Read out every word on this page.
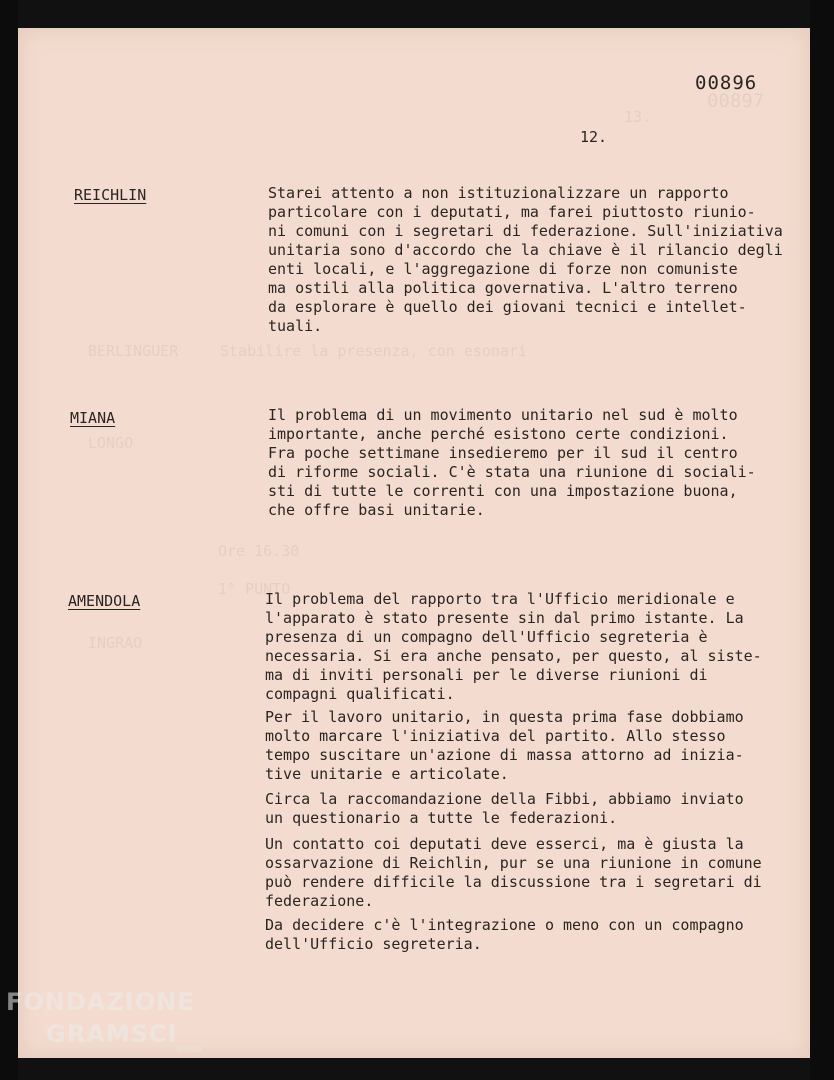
00897
13.
BERLINGUER	Stabilire la presenza, con esonari
LONGO
Ore 16.30
1° PUNTO
INGRAO
00896
12.
REICHLIN	Starei attento a non istituzionalizzare un rapporto
particolare con i deputati, ma farei piuttosto riunio-
ni comuni con i segretari di federazione. Sull'iniziativa
unitaria sono d'accordo che la chiave è il rilancio degli
enti locali, e l'aggregazione di forze non comuniste
ma ostili alla politica governativa. L'altro terreno
da esplorare è quello dei giovani tecnici e intellet-
tuali.
MIANA	Il problema di un movimento unitario nel sud è molto
importante, anche perché esistono certe condizioni.
Fra poche settimane insedieremo per il sud il centro
di riforme sociali. C'è stata una riunione di sociali-
sti di tutte le correnti con una impostazione buona,
che offre basi unitarie.
AMENDOLA	Il problema del rapporto tra l'Ufficio meridionale e
l'apparato è stato presente sin dal primo istante. La
presenza di un compagno dell'Ufficio segreteria è
necessaria. Si era anche pensato, per questo, al siste-
ma di inviti personali per le diverse riunioni di
compagni qualificati.
Per il lavoro unitario, in questa prima fase dobbiamo
molto marcare l'iniziativa del partito. Allo stesso
tempo suscitare un'azione di massa attorno ad inizia-
tive unitarie e articolate.
Circa la raccomandazione della Fibbi, abbiamo inviato
un questionario a tutte le federazioni.
Un contatto coi deputati deve esserci, ma è giusta la
ossarvazione di Reichlin, pur se una riunione in comune
può rendere difficile la discussione tra i segretari di
federazione.
Da decidere c'è l'integrazione o meno con un compagno
dell'Ufficio segreteria.
FONDAZIONE
GRAMSCI
onlus
